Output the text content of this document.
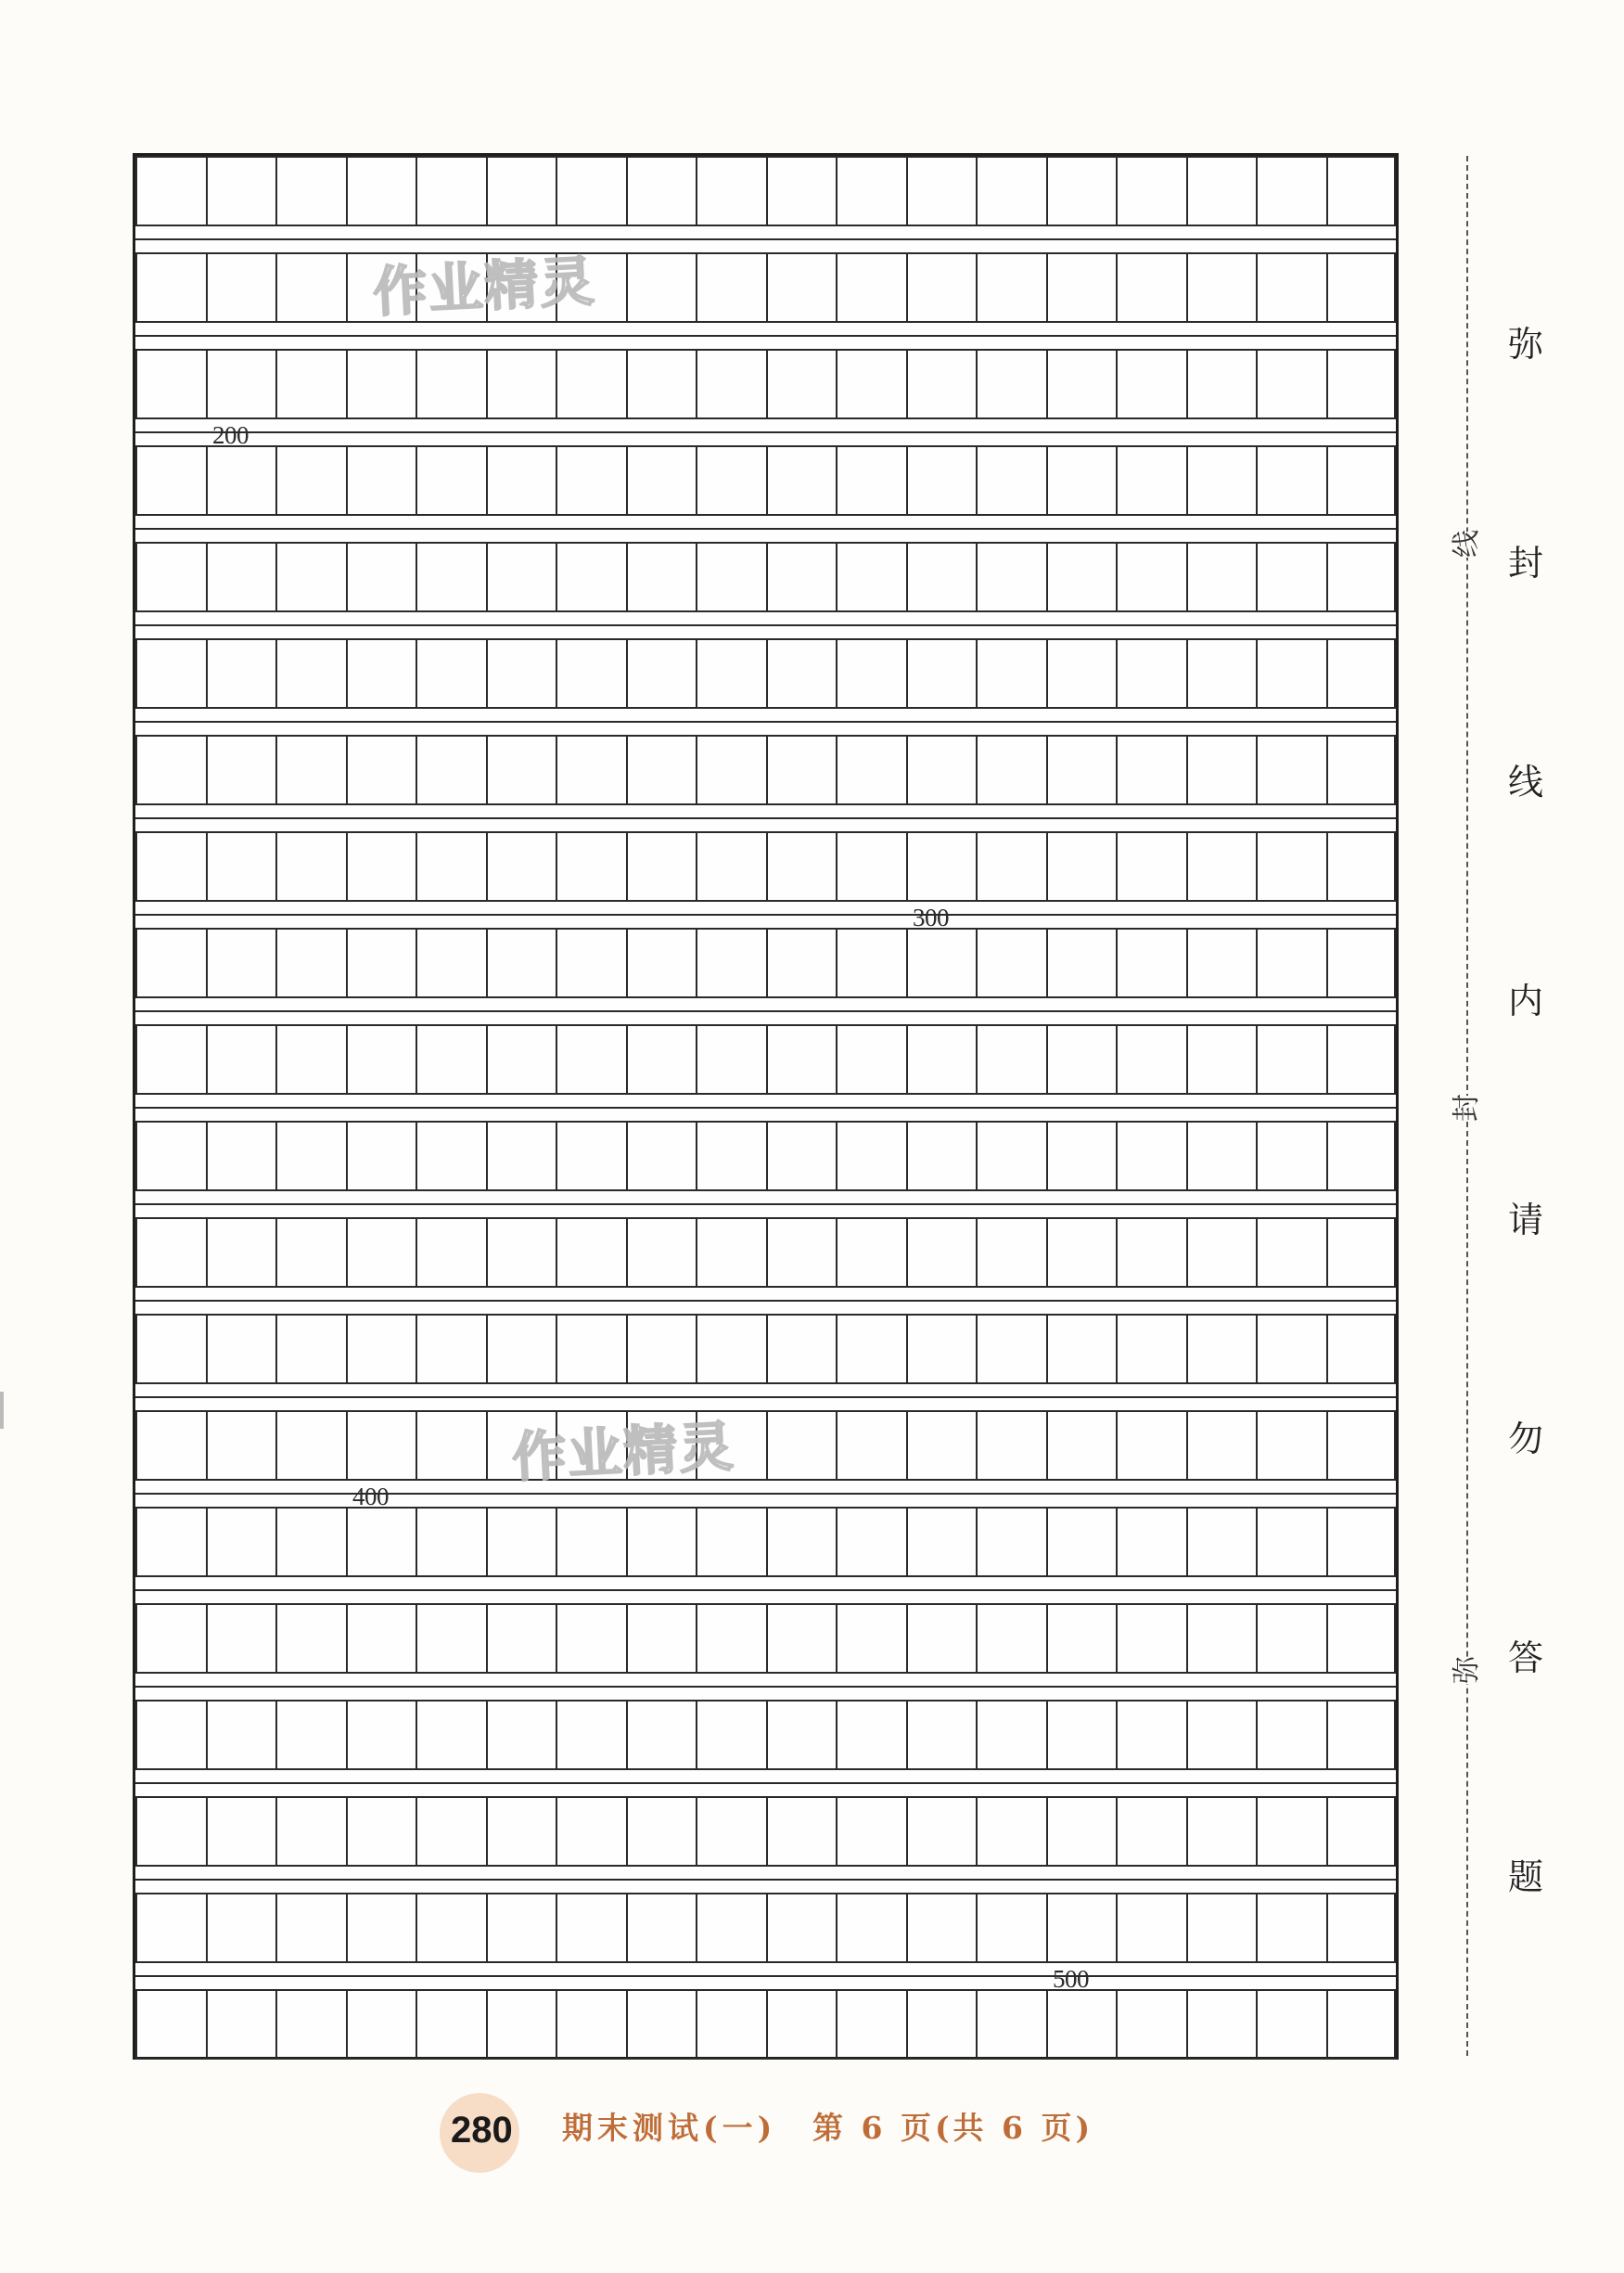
200
300
400
500
作业精灵
作业精灵
线
封
弥
弥
封
线
内
请
勿
答
题
280 期末测试(一) 第 6 页(共 6 页)
